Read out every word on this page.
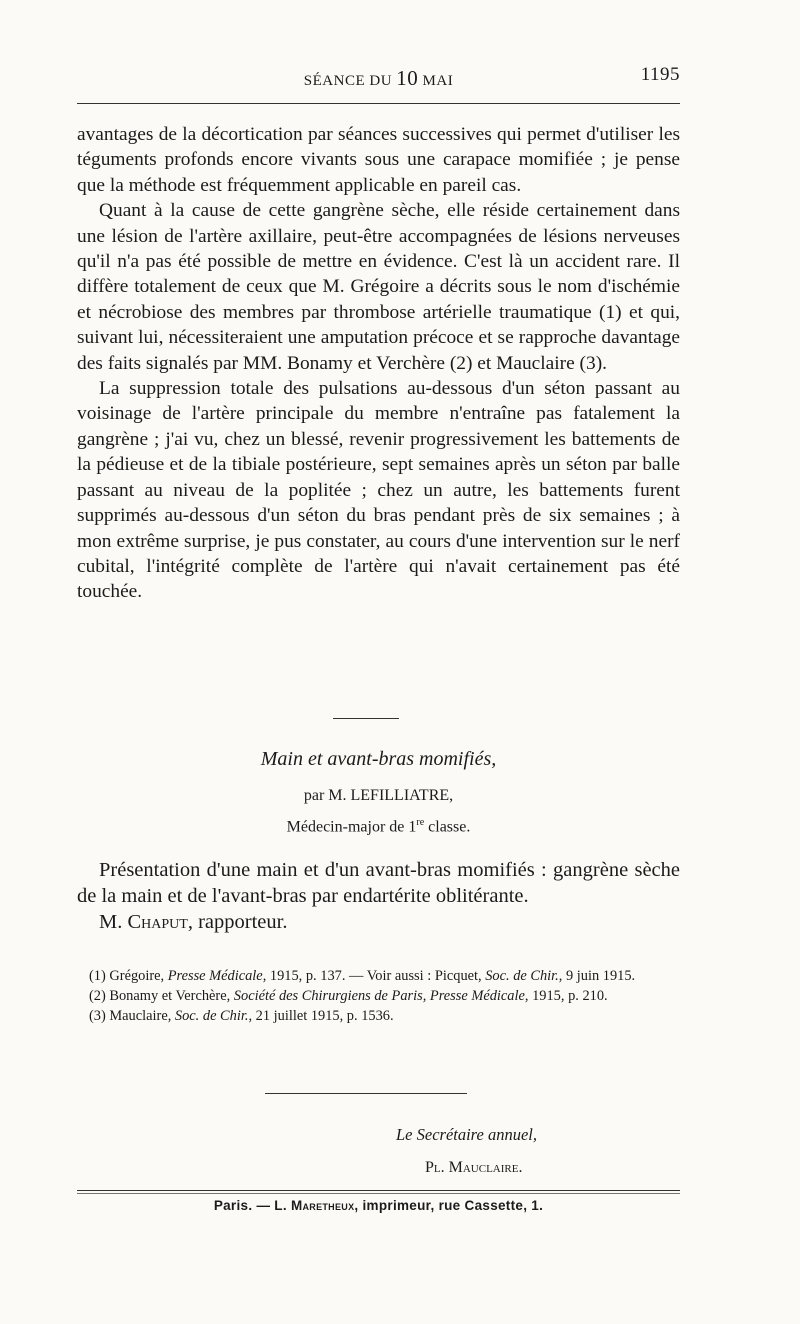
SÉANCE DU 10 MAI	1195

avantages de la décortication par séances successives qui permet d'utiliser les téguments profonds encore vivants sous une carapace momifiée ; je pense que la méthode est fréquemment applicable en pareil cas.

Quant à la cause de cette gangrène sèche, elle réside certainement dans une lésion de l'artère axillaire, peut-être accompagnées de lésions nerveuses qu'il n'a pas été possible de mettre en évidence. C'est là un accident rare. Il diffère totalement de ceux que M. Grégoire a décrits sous le nom d'ischémie et nécrobiose des membres par thrombose artérielle traumatique (1) et qui, suivant lui, nécessiteraient une amputation précoce et se rapproche davantage des faits signalés par MM. Bonamy et Verchère (2) et Mauclaire (3).

La suppression totale des pulsations au-dessous d'un séton passant au voisinage de l'artère principale du membre n'entraîne pas fatalement la gangrène ; j'ai vu, chez un blessé, revenir progressivement les battements de la pédieuse et de la tibiale postérieure, sept semaines après un séton par balle passant au niveau de la poplitée ; chez un autre, les battements furent supprimés au-dessous d'un séton du bras pendant près de six semaines ; à mon extrême surprise, je pus constater, au cours d'une intervention sur le nerf cubital, l'intégrité complète de l'artère qui n'avait certainement pas été touchée.

Main et avant-bras momifiés,
par M. LEFILLIATRE,
Médecin-major de 1re classe.

Présentation d'une main et d'un avant-bras momifiés : gangrène sèche de la main et de l'avant-bras par endartérite oblitérante.

M. Chaput, rapporteur.

(1) Grégoire, Presse Médicale, 1915, p. 137. — Voir aussi : Picquet, Soc. de Chir., 9 juin 1915.

(2) Bonamy et Verchère, Société des Chirurgiens de Paris, Presse Médicale, 1915, p. 210.

(3) Mauclaire, Soc. de Chir., 21 juillet 1915, p. 1536.

Le Secrétaire annuel,
Pl. Mauclaire.
Paris. — L. Maretheux, imprimeur, rue Cassette, 1.
